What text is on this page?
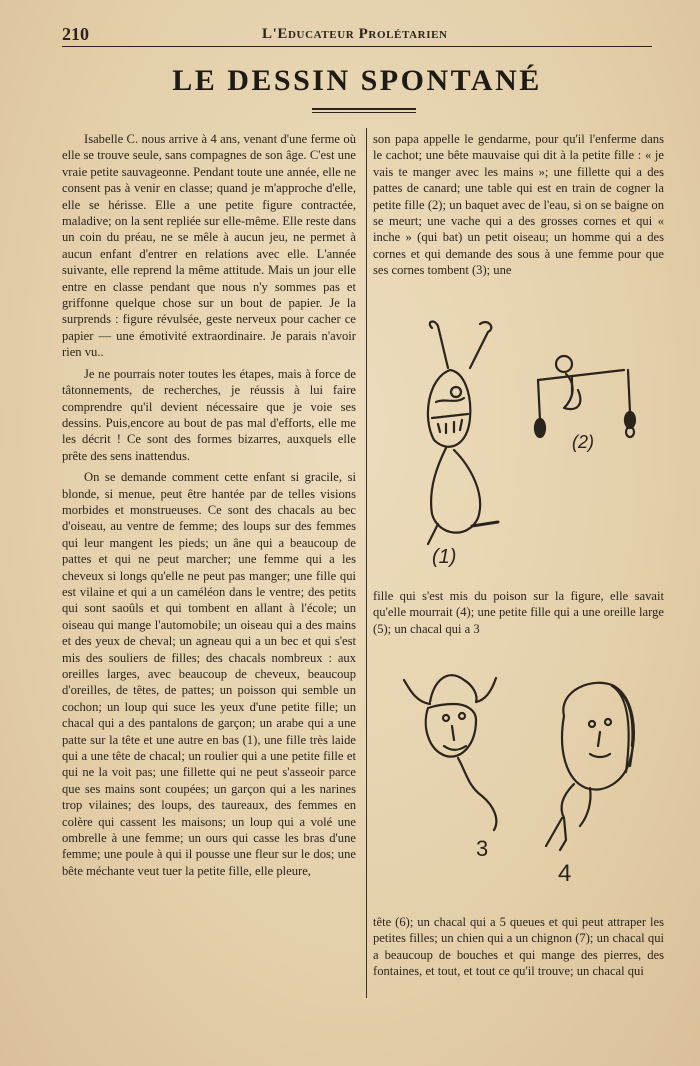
210	L'Educateur Prolétarien
LE DESSIN SPONTANÉ

Isabelle C. nous arrive à 4 ans, venant d'une ferme où elle se trouve seule, sans compagnes de son âge. C'est une vraie petite sauvageonne. Pendant toute une année, elle ne consent pas à venir en classe; quand je m'approche d'elle, elle se hérisse. Elle a une petite figure contractée, maladive; on la sent repliée sur elle-même. Elle reste dans un coin du préau, ne se mêle à aucun jeu, ne permet à aucun enfant d'entrer en relations avec elle. L'année suivante, elle reprend la même attitude. Mais un jour elle entre en classe pendant que nous n'y sommes pas et griffonne quelque chose sur un bout de papier. Je la surprends : figure révulsée, geste nerveux pour cacher ce papier — une émotivité extraordinaire. Je parais n'avoir rien vu..

Je ne pourrais noter toutes les étapes, mais à force de tâtonnements, de recherches, je réussis à lui faire comprendre qu'il devient nécessaire que je voie ses dessins. Puis,encore au bout de pas mal d'efforts, elle me les décrit ! Ce sont des formes bizarres, auxquels elle prête des sens inattendus.

On se demande comment cette enfant si gracile, si blonde, si menue, peut être hantée par de telles visions morbides et monstrueuses. Ce sont des chacals au bec d'oiseau, au ventre de femme; des loups sur des femmes qui leur mangent les pieds; un âne qui a beaucoup de pattes et qui ne peut marcher; une femme qui a les cheveux si longs qu'elle ne peut pas manger; une fille qui est vilaine et qui a un caméléon dans le ventre; des petits qui sont saoûls et qui tombent en allant à l'école; un oiseau qui mange l'automobile; un oiseau qui a des mains et des yeux de cheval; un agneau qui a un bec et qui s'est mis des souliers de filles; des chacals nombreux : aux oreilles larges, avec beaucoup de cheveux, beaucoup d'oreilles, de têtes, de pattes; un poisson qui semble un cochon; un loup qui suce les yeux d'une petite fille; un chacal qui a des pantalons de garçon; un arabe qui a une patte sur la tête et une autre en bas (1), une fille très laide qui a une tête de chacal; un roulier qui a une petite fille et qui ne la voit pas; une fillette qui ne peut s'asseoir parce que ses mains sont coupées; un garçon qui a les narines trop vilaines; des loups, des taureaux, des femmes en colère qui cassent les maisons; un loup qui a volé une ombrelle à une femme; un ours qui casse les bras d'une femme; une poule à qui il pousse une fleur sur le dos; une bête méchante veut tuer la petite fille, elle pleure,

son papa appelle le gendarme, pour qu'il l'enferme dans le cachot; une bête mauvaise qui dit à la petite fille : « je vais te manger avec les mains »; une fillette qui a des pattes de canard; une table qui est en train de cogner la petite fille (2); un baquet avec de l'eau, si on se baigne on se meurt; une vache qui a des grosses cornes et qui « inche » (qui bat) un petit oiseau; un homme qui a des cornes et qui demande des sous à une femme pour que ses cornes tombent (3); une

(1)
(2)

fille qui s'est mis du poison sur la figure, elle savait qu'elle mourrait (4); une petite fille qui a une oreille large (5); un chacal qui a 3

3
4

tête (6); un chacal qui a 5 queues et qui peut attraper les petites filles; un chien qui a un chignon (7); un chacal qui a beaucoup de bouches et qui mange des pierres, des fontaines, et tout, et tout ce qu'il trouve; un chacal qui
